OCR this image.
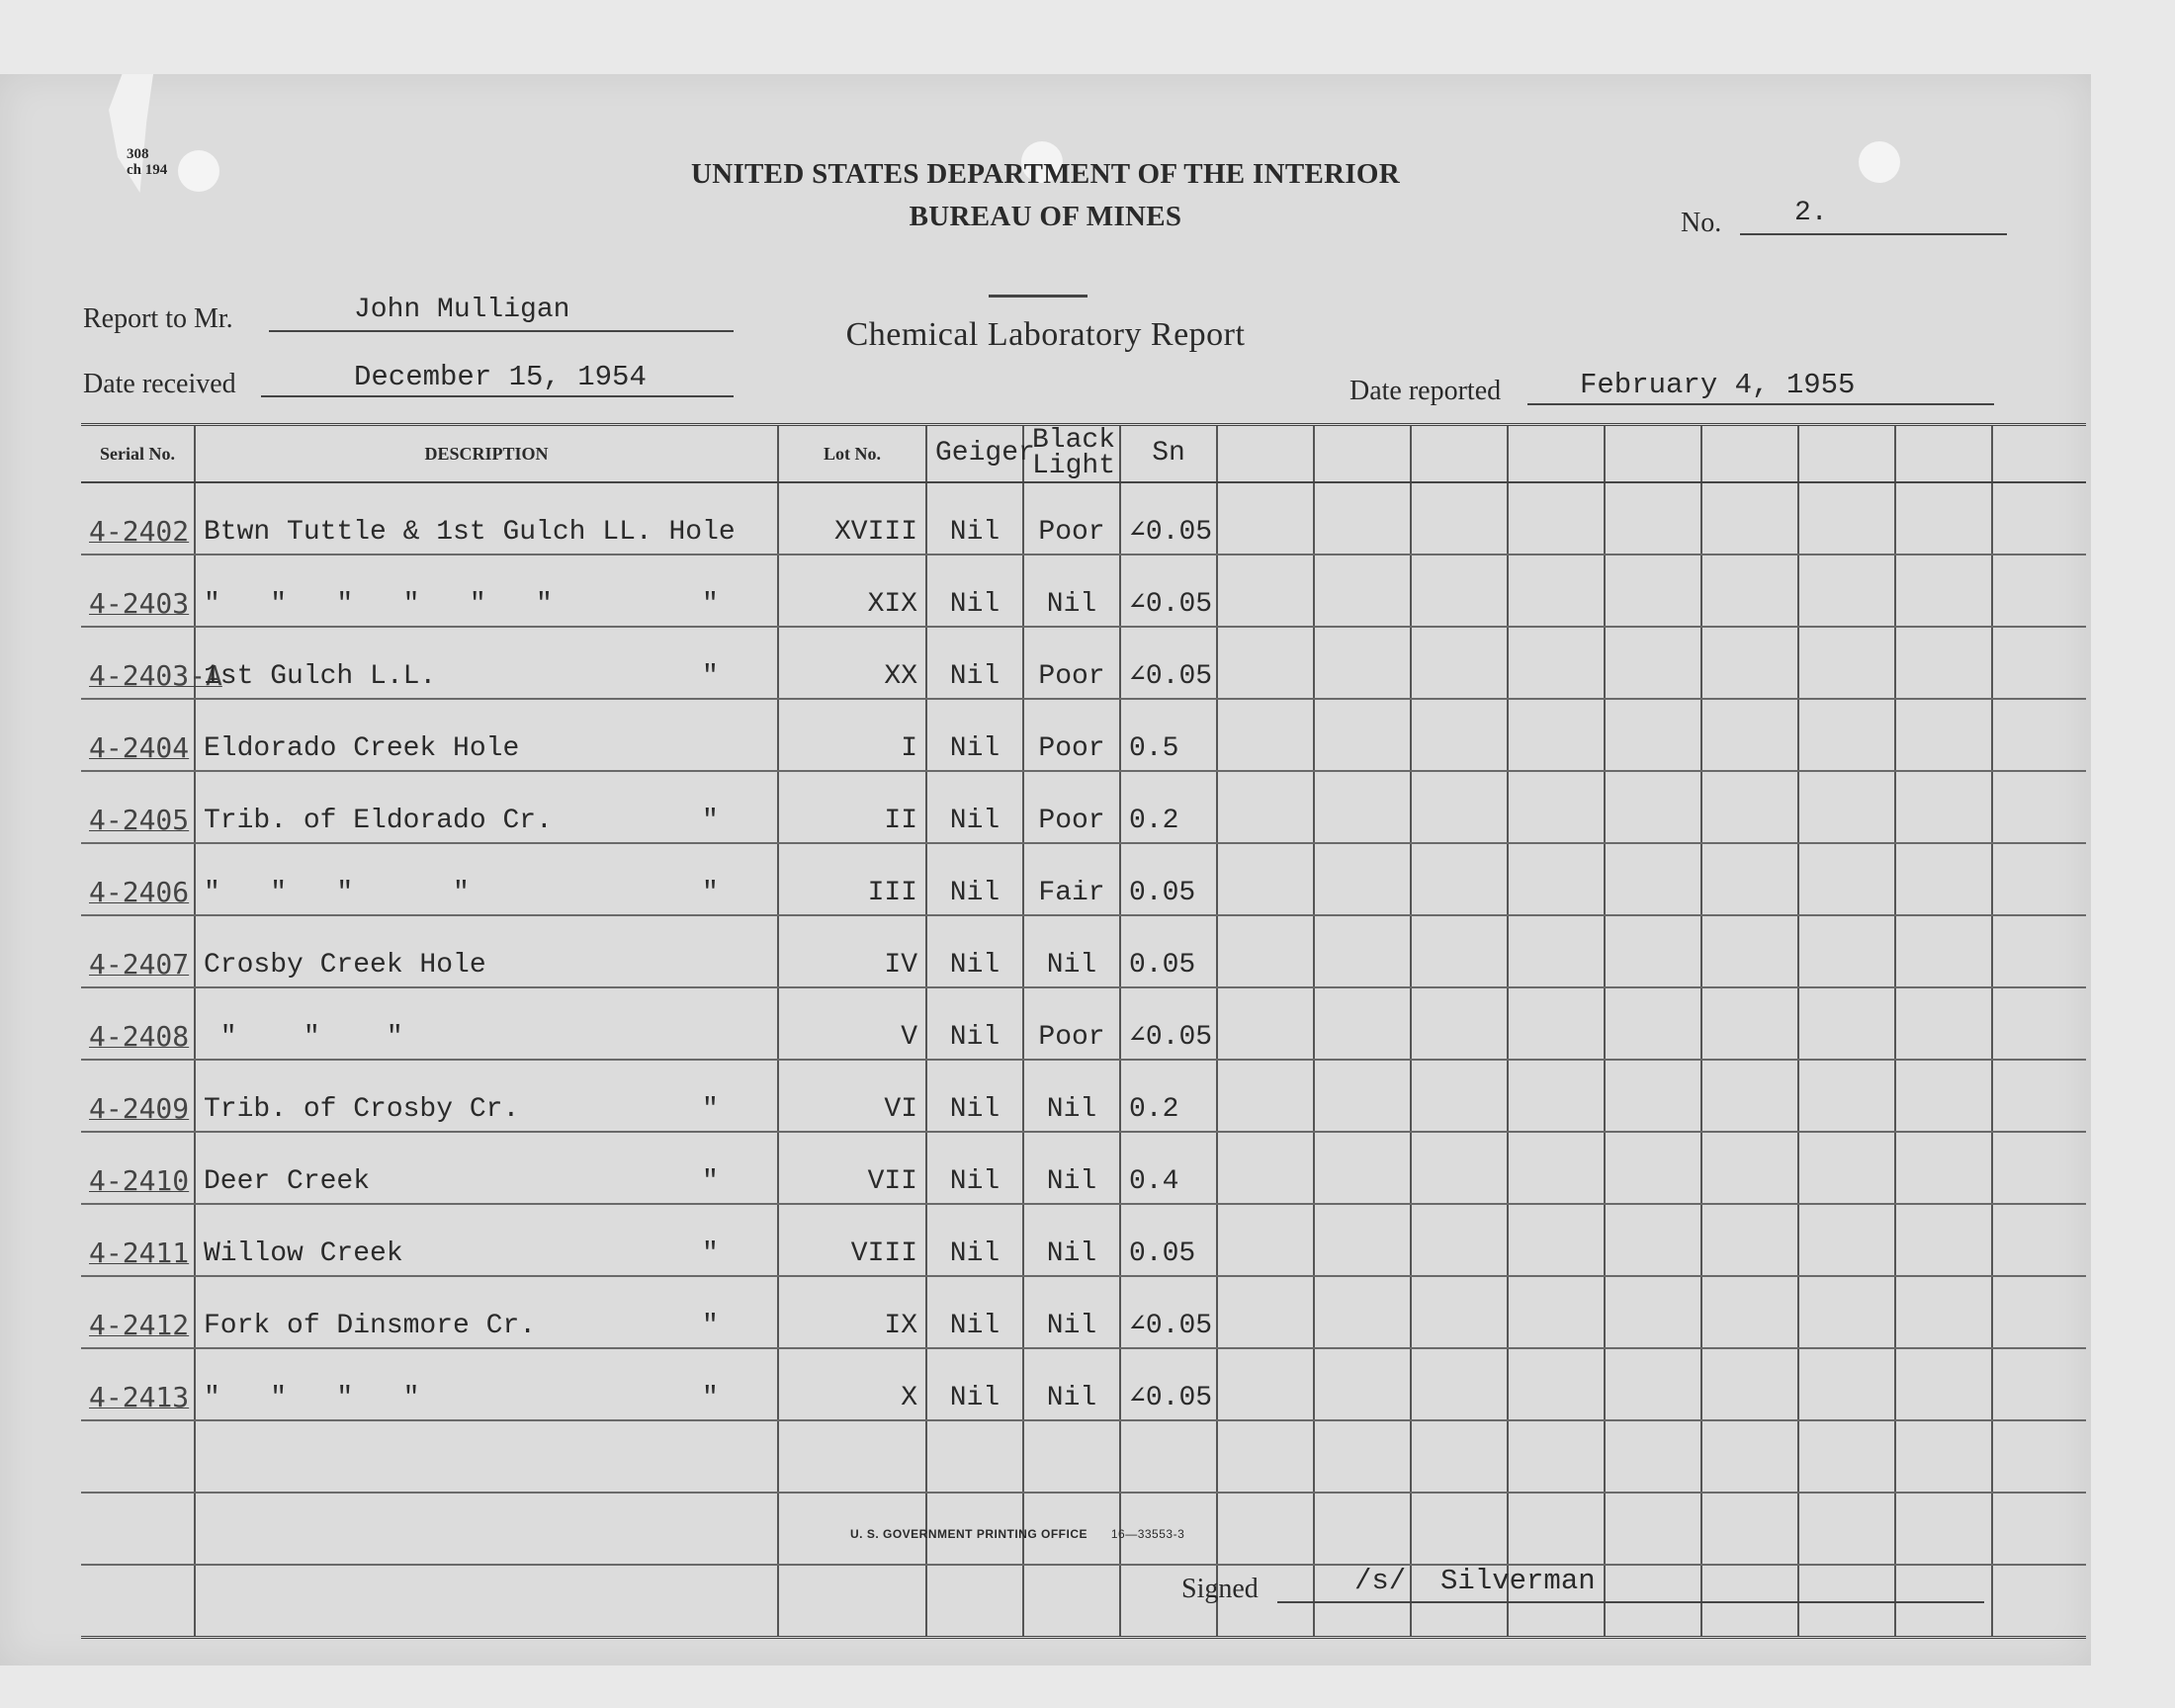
308
ch 194	UNITED STATES DEPARTMENT OF THE INTERIOR
BUREAU OF MINES	No.	2.
Chemical Laboratory Report
Report to Mr.	John Mulligan
Date received	December 15, 1954	Date reported	February 4, 1955
Serial No.	DESCRIPTION	Lot No.	Geiger	Black Light	Sn									
4-2402	Btwn Tuttle & 1st Gulch LL. Hole	XVIII	Nil	Poor	∠0.05									
4-2403	"   "   "   "   "   " "	XIX	Nil	Nil	∠0.05									
4-2403-A	1st Gulch L.L. "	XX	Nil	Poor	∠0.05									
4-2404	Eldorado Creek Hole	I	Nil	Poor	0.5									
4-2405	Trib. of Eldorado Cr. "	II	Nil	Poor	0.2									
4-2406	"   "   "      " "	III	Nil	Fair	0.05									
4-2407	Crosby Creek Hole	IV	Nil	Nil	0.05									
4-2408	"    "    "	V	Nil	Poor	∠0.05									
4-2409	Trib. of Crosby Cr. "	VI	Nil	Nil	0.2									
4-2410	Deer Creek "	VII	Nil	Nil	0.4									
4-2411	Willow Creek "	VIII	Nil	Nil	0.05									
4-2412	Fork of Dinsmore Cr. "	IX	Nil	Nil	∠0.05									
4-2413	"   "   "   " "	X	Nil	Nil	∠0.05									

U. S. GOVERNMENT PRINTING OFFICE 16—33553-3
Signed	/s/  Silverman
